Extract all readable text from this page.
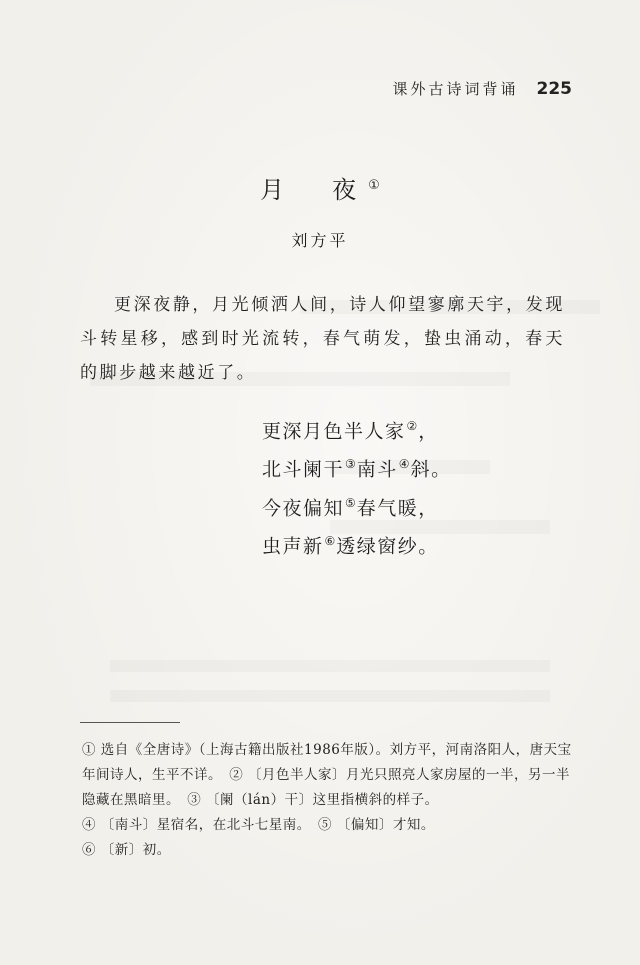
课外古诗词背诵 225
月　夜①
刘方平
更深夜静，月光倾洒人间，诗人仰望寥廓天宇，发现斗转星移，感到时光流转，春气萌发，蛰虫涌动，春天的脚步越来越近了。
更深月色半人家②，
北斗阑干③南斗④斜。
今夜偏知⑤春气暖，
虫声新⑥透绿窗纱。

① 选自《全唐诗》（上海古籍出版社1986年版）。刘方平，河南洛阳人，唐天宝年间诗人，生平不详。　② 〔月色半人家〕月光只照亮人家房屋的一半，另一半隐藏在黑暗里。　③ 〔阑（lán）干〕这里指横斜的样子。

④ 〔南斗〕星宿名，在北斗七星南。　⑤ 〔偏知〕才知。

⑥ 〔新〕初。
